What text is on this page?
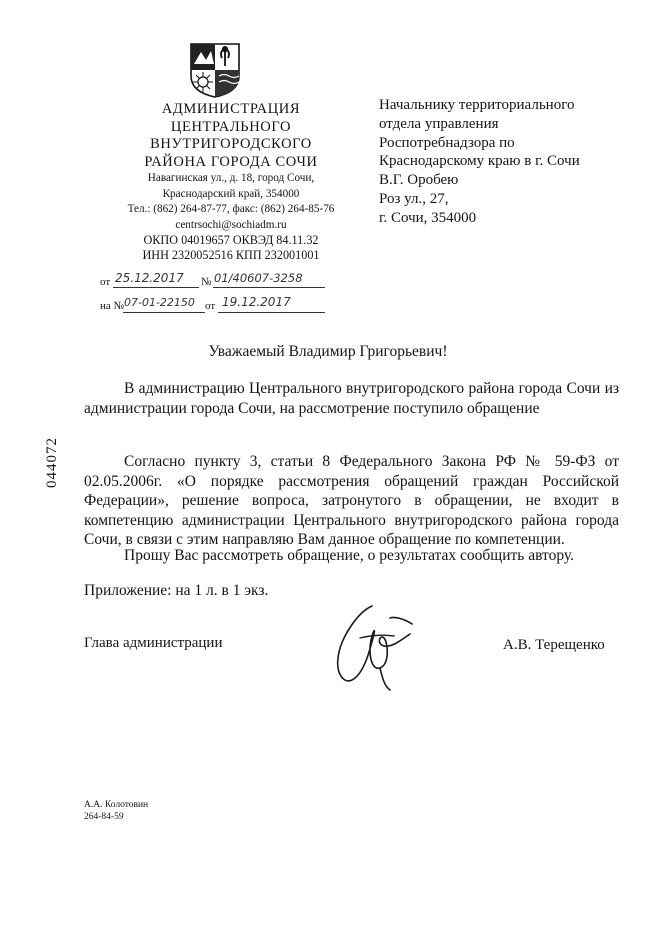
АДМИНИСТРАЦИЯ
ЦЕНТРАЛЬНОГО
ВНУТРИГОРОДСКОГО
РАЙОНА ГОРОДА СОЧИ
Навагинская ул., д. 18, город Сочи,
Краснодарский край, 354000
Тел.: (862) 264-87-77, факс: (862) 264-85-76
centrsochi@sochiadm.ru
ОКПО 04019657 ОКВЭД 84.11.32
ИНН 2320052516 КПП 232001001
от 25.12.2017 № 01/40607-3258
на № 07-01-22150 от 19.12.2017
Начальнику территориального
отдела управления
Роспотребнадзора по
Краснодарскому краю в г. Сочи
В.Г. Оробею
Роз ул., 27,
г. Сочи, 354000
Уважаемый Владимир Григорьевич!
В администрацию Центрального внутригородского района города Сочи из администрации города Сочи, на рассмотрение поступило обращение
Согласно пункту 3, статьи 8 Федерального Закона РФ № 59-ФЗ от 02.05.2006г. «О порядке рассмотрения обращений граждан Российской Федерации», решение вопроса, затронутого в обращении, не входит в компетенцию администрации Центрального внутригородского района города Сочи, в связи с этим направляю Вам данное обращение по компетенции.
Прошу Вас рассмотреть обращение, о результатах сообщить автору.
Приложение: на 1 л. в 1 экз.
044072
Глава администрации	А.В. Терещенко
А.А. Колотовин
264-84-59
